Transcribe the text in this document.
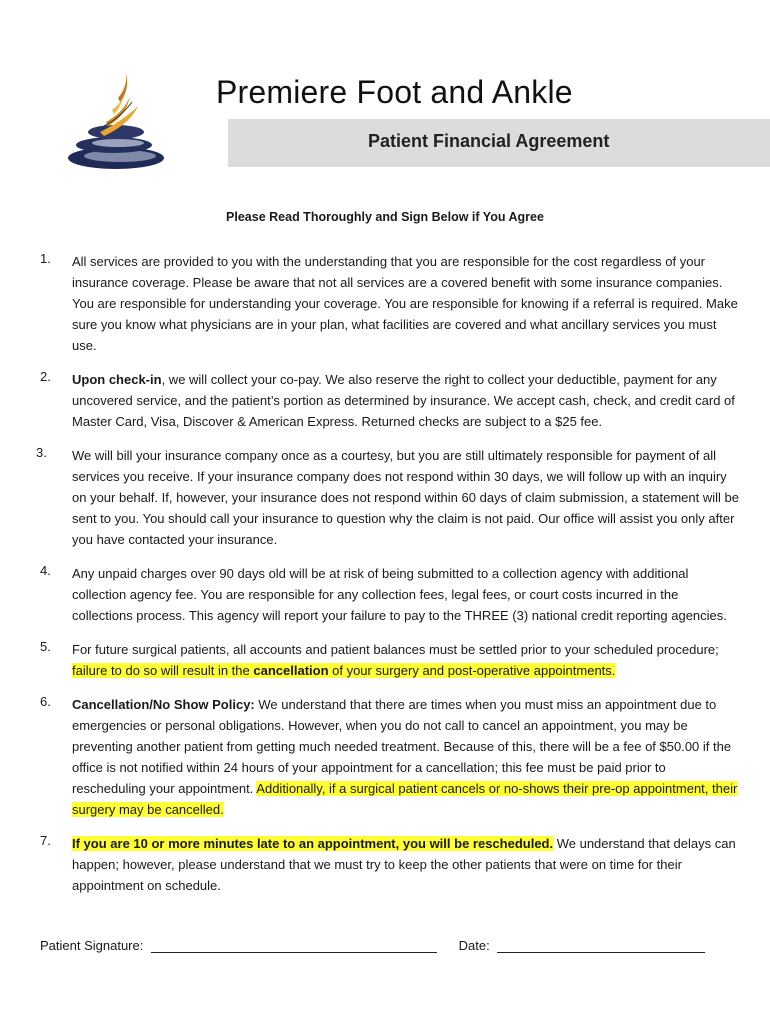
Premiere Foot and Ankle
Patient Financial Agreement
Please Read Thoroughly and Sign Below if You Agree
1. All services are provided to you with the understanding that you are responsible for the cost regardless of your insurance coverage. Please be aware that not all services are a covered benefit with some insurance companies. You are responsible for understanding your coverage. You are responsible for knowing if a referral is required. Make sure you know what physicians are in your plan, what facilities are covered and what ancillary services you must use.
2. Upon check-in, we will collect your co-pay. We also reserve the right to collect your deductible, payment for any uncovered service, and the patient’s portion as determined by insurance. We accept cash, check, and credit card of Master Card, Visa, Discover & American Express. Returned checks are subject to a $25 fee.
3. We will bill your insurance company once as a courtesy, but you are still ultimately responsible for payment of all services you receive. If your insurance company does not respond within 30 days, we will follow up with an inquiry on your behalf. If, however, your insurance does not respond within 60 days of claim submission, a statement will be sent to you. You should call your insurance to question why the claim is not paid. Our office will assist you only after you have contacted your insurance.
4. Any unpaid charges over 90 days old will be at risk of being submitted to a collection agency with additional collection agency fee. You are responsible for any collection fees, legal fees, or court costs incurred in the collections process. This agency will report your failure to pay to the THREE (3) national credit reporting agencies.
5. For future surgical patients, all accounts and patient balances must be settled prior to your scheduled procedure; failure to do so will result in the cancellation of your surgery and post-operative appointments.
6. Cancellation/No Show Policy: We understand that there are times when you must miss an appointment due to emergencies or personal obligations. However, when you do not call to cancel an appointment, you may be preventing another patient from getting much needed treatment. Because of this, there will be a fee of $50.00 if the office is not notified within 24 hours of your appointment for a cancellation; this fee must be paid prior to rescheduling your appointment. Additionally, if a surgical patient cancels or no-shows their pre-op appointment, their surgery may be cancelled.
7. If you are 10 or more minutes late to an appointment, you will be rescheduled. We understand that delays can happen; however, please understand that we must try to keep the other patients that were on time for their appointment on schedule.
Patient Signature:	Date:
